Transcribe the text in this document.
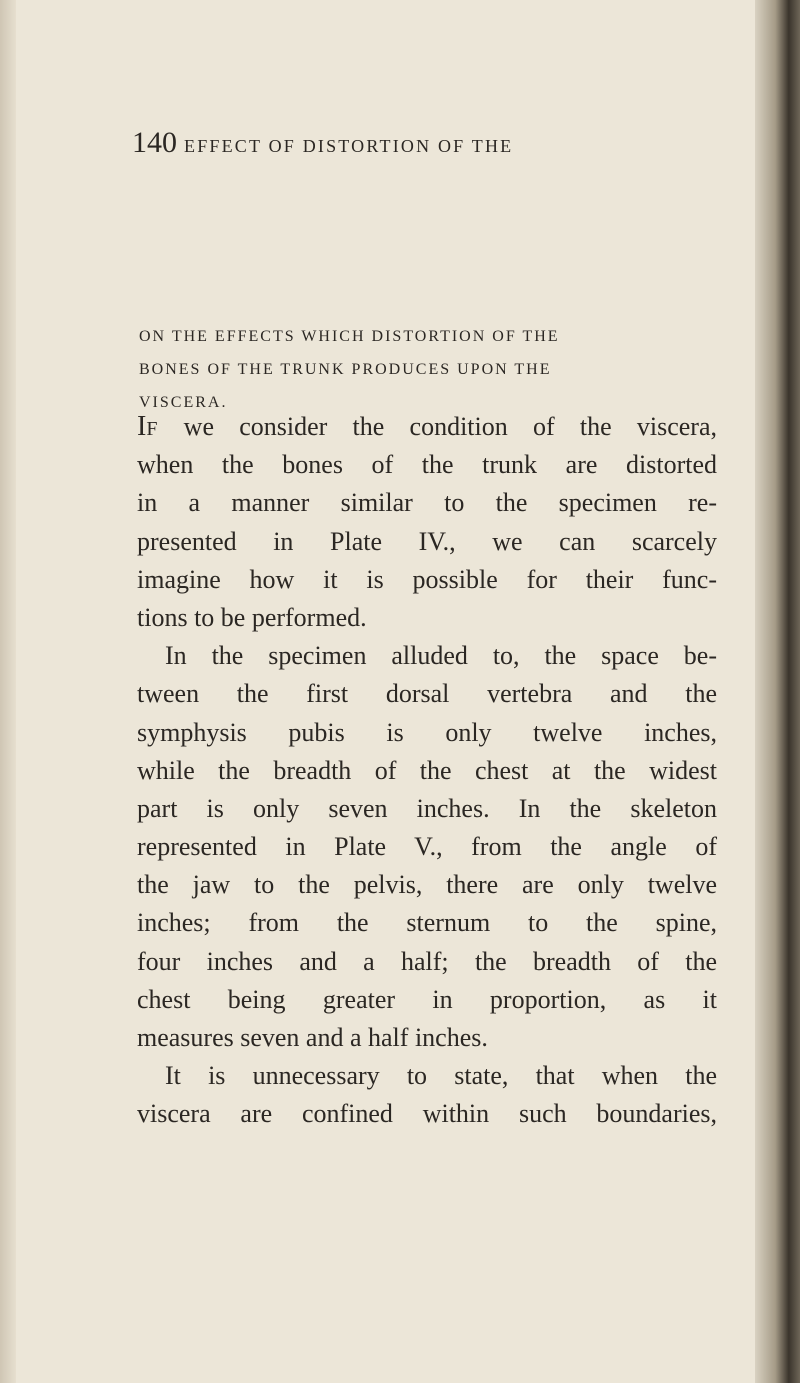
140 EFFECT OF DISTORTION OF THE
ON THE EFFECTS WHICH DISTORTION OF THE
BONES OF THE TRUNK PRODUCES UPON THE
VISCERA.
IF we consider the condition of the viscera,
when the bones of the trunk are distorted
in a manner similar to the specimen re-
presented in Plate IV., we can scarcely
imagine how it is possible for their func-
tions to be performed.
In the specimen alluded to, the space be-
tween the first dorsal vertebra and the
symphysis pubis is only twelve inches,
while the breadth of the chest at the widest
part is only seven inches. In the skeleton
represented in Plate V., from the angle of
the jaw to the pelvis, there are only twelve
inches; from the sternum to the spine,
four inches and a half; the breadth of the
chest being greater in proportion, as it
measures seven and a half inches.
It is unnecessary to state, that when the
viscera are confined within such boundaries,
